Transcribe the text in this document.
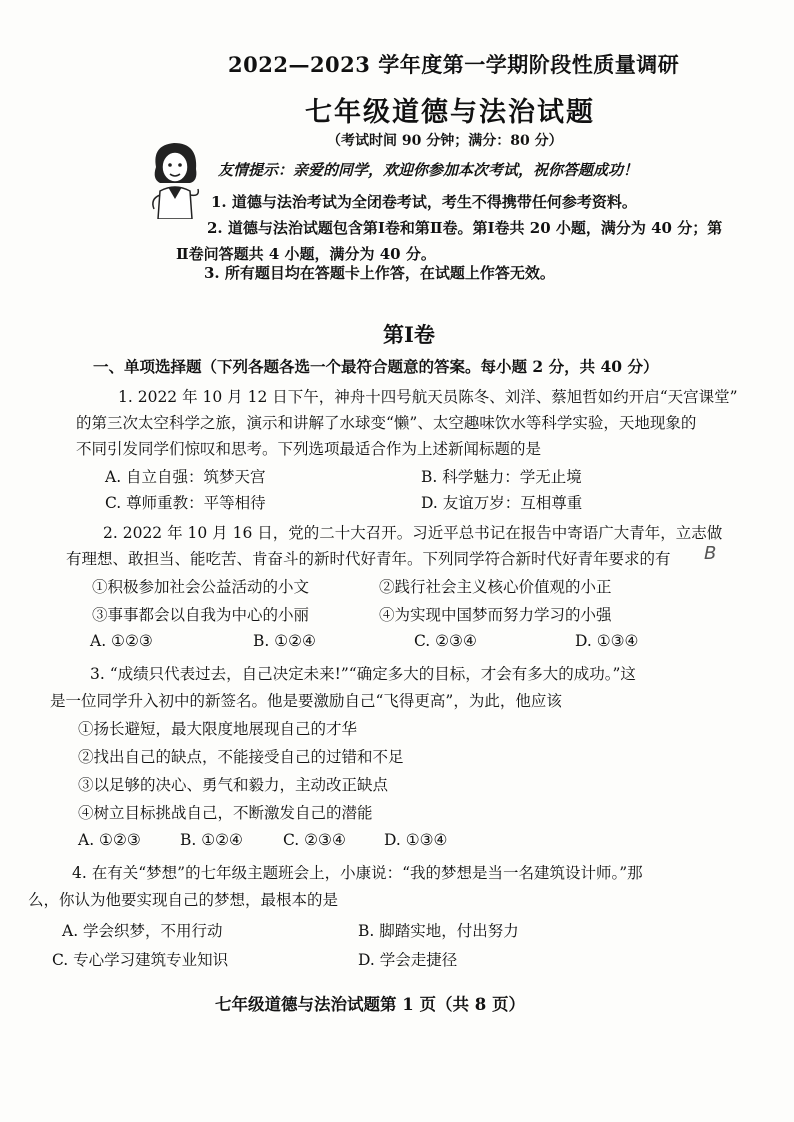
2022—2023 学年度第一学期阶段性质量调研
七年级道德与法治试题
（考试时间 90 分钟；满分：80 分）
友情提示：亲爱的同学，欢迎你参加本次考试，祝你答题成功！
1. 道德与法治考试为全闭卷考试，考生不得携带任何参考资料。
2. 道德与法治试题包含第Ⅰ卷和第Ⅱ卷。第Ⅰ卷共 20 小题，满分为 40 分；第
Ⅱ卷问答题共 4 小题，满分为 40 分。
3. 所有题目均在答题卡上作答，在试题上作答无效。
第Ⅰ卷
一、单项选择题（下列各题各选一个最符合题意的答案。每小题 2 分，共 40 分）
1. 2022 年 10 月 12 日下午，神舟十四号航天员陈冬、刘洋、蔡旭哲如约开启“天宫课堂”
的第三次太空科学之旅，演示和讲解了水球变“懒”、太空趣味饮水等科学实验，天地现象的
不同引发同学们惊叹和思考。下列选项最适合作为上述新闻标题的是
A. 自立自强：筑梦天宫	B. 科学魅力：学无止境
C. 尊师重教：平等相待	D. 友谊万岁：互相尊重
2. 2022 年 10 月 16 日，党的二十大召开。习近平总书记在报告中寄语广大青年，立志做
有理想、敢担当、能吃苦、肯奋斗的新时代好青年。下列同学符合新时代好青年要求的有 B
①积极参加社会公益活动的小文	②践行社会主义核心价值观的小正
③事事都会以自我为中心的小丽	④为实现中国梦而努力学习的小强
A. ①②③	B. ①②④	C. ②③④	D. ①③④
3. “成绩只代表过去，自己决定未来!”“确定多大的目标，才会有多大的成功。”这
是一位同学升入初中的新签名。他是要激励自己“飞得更高”，为此，他应该
①扬长避短，最大限度地展现自己的才华
②找出自己的缺点，不能接受自己的过错和不足
③以足够的决心、勇气和毅力，主动改正缺点
④树立目标挑战自己，不断激发自己的潜能
A. ①②③	B. ①②④	C. ②③④ D. ①③④
4. 在有关“梦想”的七年级主题班会上，小康说：“我的梦想是当一名建筑设计师。”那
么，你认为他要实现自己的梦想，最根本的是
A. 学会织梦，不用行动	B. 脚踏实地，付出努力
C. 专心学习建筑专业知识	D. 学会走捷径
七年级道德与法治试题第 1 页（共 8 页）
